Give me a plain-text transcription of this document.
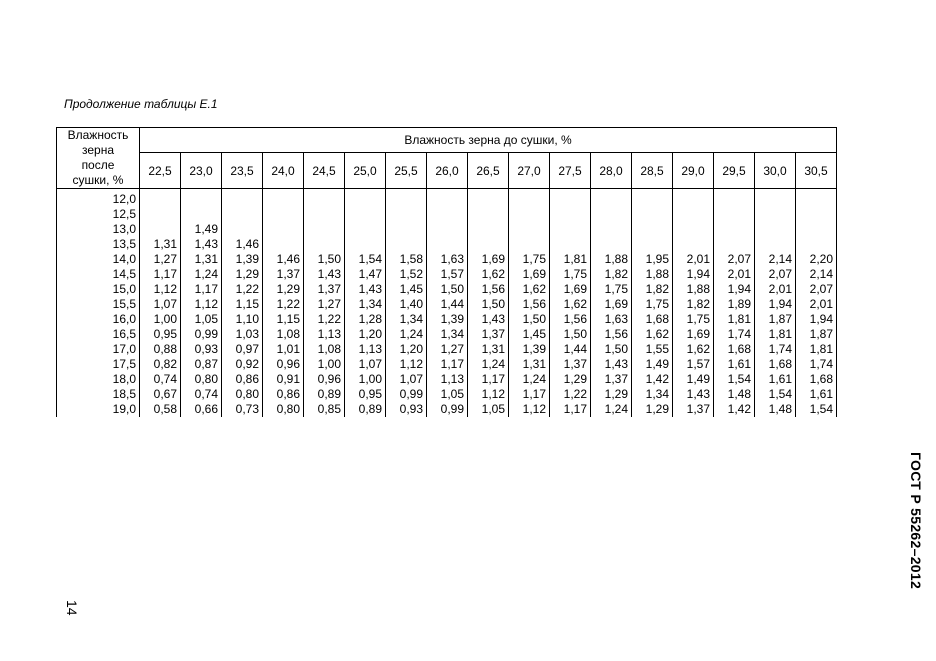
Продолжение таблицы Е.1
Влажность
зерна
после
сушки, %	Влажность зерна до сушки, %																
	22,5	23,0	23,5	24,0	24,5	25,0	25,5	26,0	26,5	27,0	27,5	28,0	28,5	29,0	29,5	30,0	30,5
12,0																	
12,5																	
13,0		1,49															
13,5	1,31	1,43	1,46														
14,0	1,27	1,31	1,39	1,46	1,50	1,54	1,58	1,63	1,69	1,75	1,81	1,88	1,95	2,01	2,07	2,14	2,20
14,5	1,17	1,24	1,29	1,37	1,43	1,47	1,52	1,57	1,62	1,69	1,75	1,82	1,88	1,94	2,01	2,07	2,14
15,0	1,12	1,17	1,22	1,29	1,37	1,43	1,45	1,50	1,56	1,62	1,69	1,75	1,82	1,88	1,94	2,01	2,07
15,5	1,07	1,12	1,15	1,22	1,27	1,34	1,40	1,44	1,50	1,56	1,62	1,69	1,75	1,82	1,89	1,94	2,01
16,0	1,00	1,05	1,10	1,15	1,22	1,28	1,34	1,39	1,43	1,50	1,56	1,63	1,68	1,75	1,81	1,87	1,94
16,5	0,95	0,99	1,03	1,08	1,13	1,20	1,24	1,34	1,37	1,45	1,50	1,56	1,62	1,69	1,74	1,81	1,87
17,0	0,88	0,93	0,97	1,01	1,08	1,13	1,20	1,27	1,31	1,39	1,44	1,50	1,55	1,62	1,68	1,74	1,81
17,5	0,82	0,87	0,92	0,96	1,00	1,07	1,12	1,17	1,24	1,31	1,37	1,43	1,49	1,57	1,61	1,68	1,74
18,0	0,74	0,80	0,86	0,91	0,96	1,00	1,07	1,13	1,17	1,24	1,29	1,37	1,42	1,49	1,54	1,61	1,68
18,5	0,67	0,74	0,80	0,86	0,89	0,95	0,99	1,05	1,12	1,17	1,22	1,29	1,34	1,43	1,48	1,54	1,61
19,0	0,58	0,66	0,73	0,80	0,85	0,89	0,93	0,99	1,05	1,12	1,17	1,24	1,29	1,37	1,42	1,48	1,54
14
ГОСТ Р 55262–2012
